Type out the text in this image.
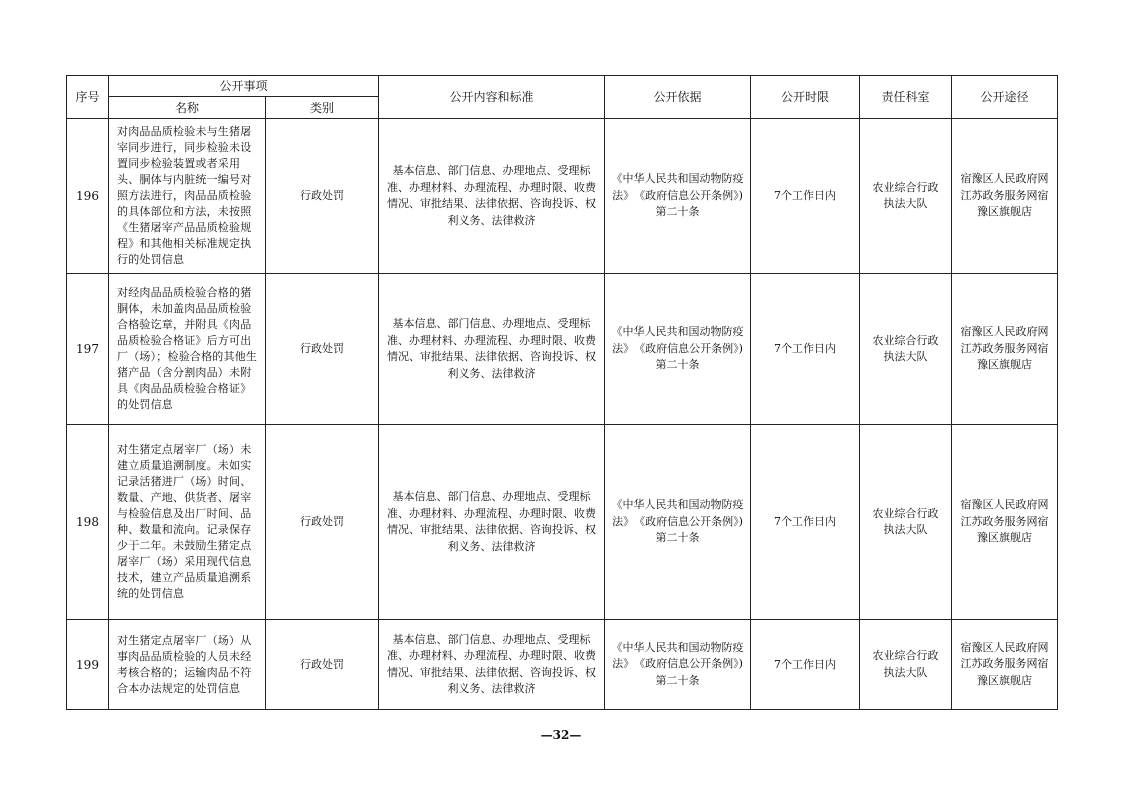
序号	公开事项		公开内容和标准	公开依据	公开时限	责任科室	公开途径
	名称	类别					
196	对肉品品质检验未与生猪屠宰同步进行，同步检验未设置同步检验装置或者采用头、胴体与内脏统一编号对照方法进行，肉品品质检验的具体部位和方法，未按照《生猪屠宰产品品质检验规程》和其他相关标准规定执行的处罚信息	行政处罚	基本信息、部门信息、办理地点、受理标准、办理材料、办理流程、办理时限、收费情况、审批结果、法律依据、咨询投诉、权利义务、法律救济	《中华人民共和国动物防疫法》　《政府信息公开条例》)第二十条	7个工作日内	农业综合行政执法大队	宿豫区人民政府网江苏政务服务网宿豫区旗舰店
197	对经肉品品质检验合格的猪胴体，未加盖肉品品质检验合格验讫章，并附具《肉品品质检验合格证》后方可出厂（场）；检验合格的其他生猪产品（含分割肉品）未附具《肉品品质检验合格证》的处罚信息	行政处罚	基本信息、部门信息、办理地点、受理标准、办理材料、办理流程、办理时限、收费情况、审批结果、法律依据、咨询投诉、权利义务、法律救济	《中华人民共和国动物防疫法》　《政府信息公开条例》)第二十条	7个工作日内	农业综合行政执法大队	宿豫区人民政府网江苏政务服务网宿豫区旗舰店
198	对生猪定点屠宰厂（场）未建立质量追溯制度。未如实记录活猪进厂（场）时间、数量、产地、供货者、屠宰与检验信息及出厂时间、品种、数量和流向。记录保存少于二年。未鼓励生猪定点屠宰厂（场）采用现代信息技术，建立产品质量追溯系统的处罚信息	行政处罚	基本信息、部门信息、办理地点、受理标准、办理材料、办理流程、办理时限、收费情况、审批结果、法律依据、咨询投诉、权利义务、法律救济	《中华人民共和国动物防疫法》　《政府信息公开条例》)第二十条	7个工作日内	农业综合行政执法大队	宿豫区人民政府网江苏政务服务网宿豫区旗舰店
199	对生猪定点屠宰厂（场）从事肉品品质检验的人员未经考核合格的；运输肉品不符合本办法规定的处罚信息	行政处罚	基本信息、部门信息、办理地点、受理标准、办理材料、办理流程、办理时限、收费情况、审批结果、法律依据、咨询投诉、权利义务、法律救济	《中华人民共和国动物防疫法》　《政府信息公开条例》)第二十条	7个工作日内	农业综合行政执法大队	宿豫区人民政府网江苏政务服务网宿豫区旗舰店
—32—
